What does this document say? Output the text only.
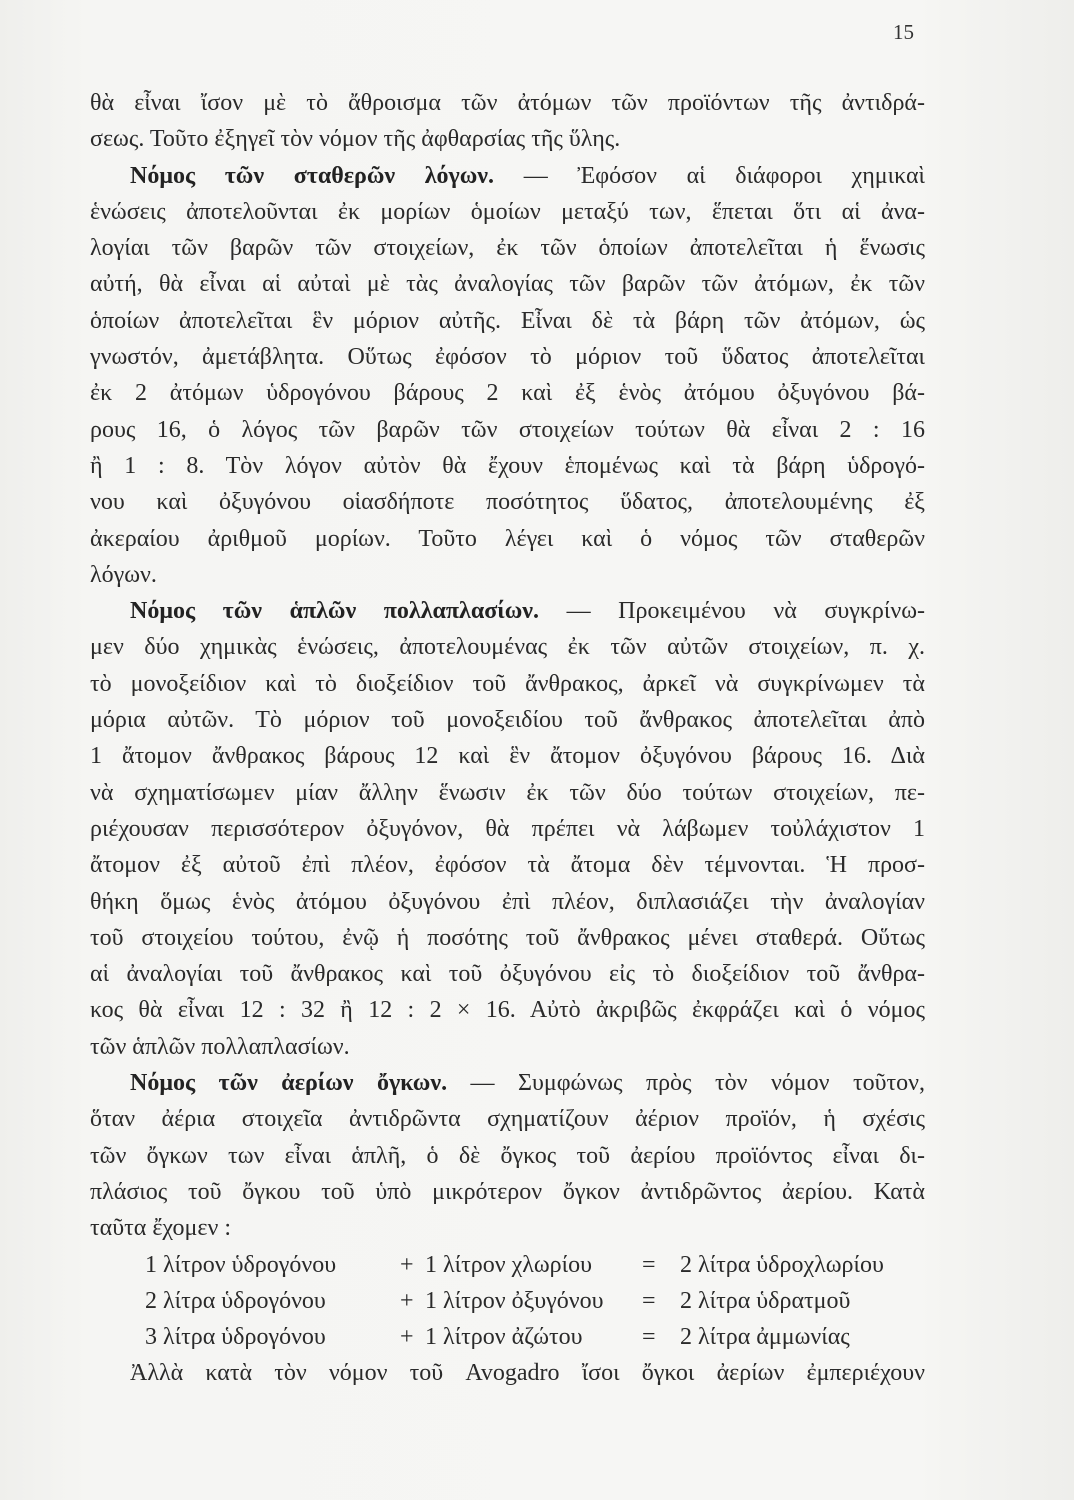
15
θὰ εἶναι ἴσον μὲ τὸ ἄθροισμα τῶν ἀτόμων τῶν προϊόντων τῆς ἀντιδρά-
σεως. Τοῦτο ἐξηγεῖ τὸν νόμον τῆς ἀφθαρσίας τῆς ὕλης.
Νόμος τῶν σταθερῶν λόγων. — Ἐφόσον αἱ διάφοροι χημικαὶ
ἑνώσεις ἀποτελοῦνται ἐκ μορίων ὁμοίων μεταξύ των, ἕπεται ὅτι αἱ ἀνα-
λογίαι τῶν βαρῶν τῶν στοιχείων, ἐκ τῶν ὁποίων ἀποτελεῖται ἡ ἕνωσις
αὐτή, θὰ εἶναι αἱ αὐταὶ μὲ τὰς ἀναλογίας τῶν βαρῶν τῶν ἀτόμων, ἐκ τῶν
ὁποίων ἀποτελεῖται ἓν μόριον αὐτῆς. Εἶναι δὲ τὰ βάρη τῶν ἀτόμων, ὡς
γνωστόν, ἀμετάβλητα. Οὕτως ἐφόσον τὸ μόριον τοῦ ὕδατος ἀποτελεῖται
ἐκ 2 ἀτόμων ὑδρογόνου βάρους 2 καὶ ἐξ ἑνὸς ἀτόμου ὀξυγόνου βά-
ρους 16, ὁ λόγος τῶν βαρῶν τῶν στοιχείων τούτων θὰ εἶναι 2 : 16
ἢ 1 : 8. Τὸν λόγον αὐτὸν θὰ ἔχουν ἑπομένως καὶ τὰ βάρη ὑδρογό-
νου καὶ ὀξυγόνου οἱασδήποτε ποσότητος ὕδατος, ἀποτελουμένης ἐξ
ἀκεραίου ἀριθμοῦ μορίων. Τοῦτο λέγει καὶ ὁ νόμος τῶν σταθερῶν
λόγων.
Νόμος τῶν ἁπλῶν πολλαπλασίων. — Προκειμένου νὰ συγκρίνω-
μεν δύο χημικὰς ἑνώσεις, ἀποτελουμένας ἐκ τῶν αὐτῶν στοιχείων, π. χ.
τὸ μονοξείδιον καὶ τὸ διοξείδιον τοῦ ἄνθρακος, ἀρκεῖ νὰ συγκρίνωμεν τὰ
μόρια αὐτῶν. Τὸ μόριον τοῦ μονοξειδίου τοῦ ἄνθρακος ἀποτελεῖται ἀπὸ
1 ἄτομον ἄνθρακος βάρους 12 καὶ ἓν ἄτομον ὀξυγόνου βάρους 16. Διὰ
νὰ σχηματίσωμεν μίαν ἄλλην ἕνωσιν ἐκ τῶν δύο τούτων στοιχείων, πε-
ριέχουσαν περισσότερον ὀξυγόνον, θὰ πρέπει νὰ λάβωμεν τοὐλάχιστον 1
ἄτομον ἐξ αὐτοῦ ἐπὶ πλέον, ἐφόσον τὰ ἄτομα δὲν τέμνονται. Ἡ προσ-
θήκη ὅμως ἑνὸς ἀτόμου ὀξυγόνου ἐπὶ πλέον, διπλασιάζει τὴν ἀναλογίαν
τοῦ στοιχείου τούτου, ἐνῷ ἡ ποσότης τοῦ ἄνθρακος μένει σταθερά. Οὕτως
αἱ ἀναλογίαι τοῦ ἄνθρακος καὶ τοῦ ὀξυγόνου εἰς τὸ διοξείδιον τοῦ ἄνθρα-
κος θὰ εἶναι 12 : 32 ἢ 12 : 2 × 16. Αὐτὸ ἀκριβῶς ἐκφράζει καὶ ὁ νόμος
τῶν ἁπλῶν πολλαπλασίων.
Νόμος τῶν ἀερίων ὄγκων. — Συμφώνως πρὸς τὸν νόμον τοῦτον,
ὅταν ἀέρια στοιχεῖα ἀντιδρῶντα σχηματίζουν ἀέριον προϊόν, ἡ σχέσις
τῶν ὄγκων των εἶναι ἁπλῆ, ὁ δὲ ὄγκος τοῦ ἀερίου προϊόντος εἶναι δι-
πλάσιος τοῦ ὄγκου τοῦ ὑπὸ μικρότερον ὄγκον ἀντιδρῶντος ἀερίου. Κατὰ
ταῦτα ἔχομεν :
1 λίτρον ὑδρογόνου	+ 1 λίτρον χλωρίου = 2 λίτρα ὑδροχλωρίου
2 λίτρα ὑδρογόνου	+ 1 λίτρον ὀξυγόνου = 2 λίτρα ὑδρατμοῦ
3 λίτρα ὑδρογόνου	+ 1 λίτρον ἀζώτου = 2 λίτρα ἀμμωνίας
Ἀλλὰ κατὰ τὸν νόμον τοῦ Avogadro ἴσοι ὄγκοι ἀερίων ἐμπεριέχουν
